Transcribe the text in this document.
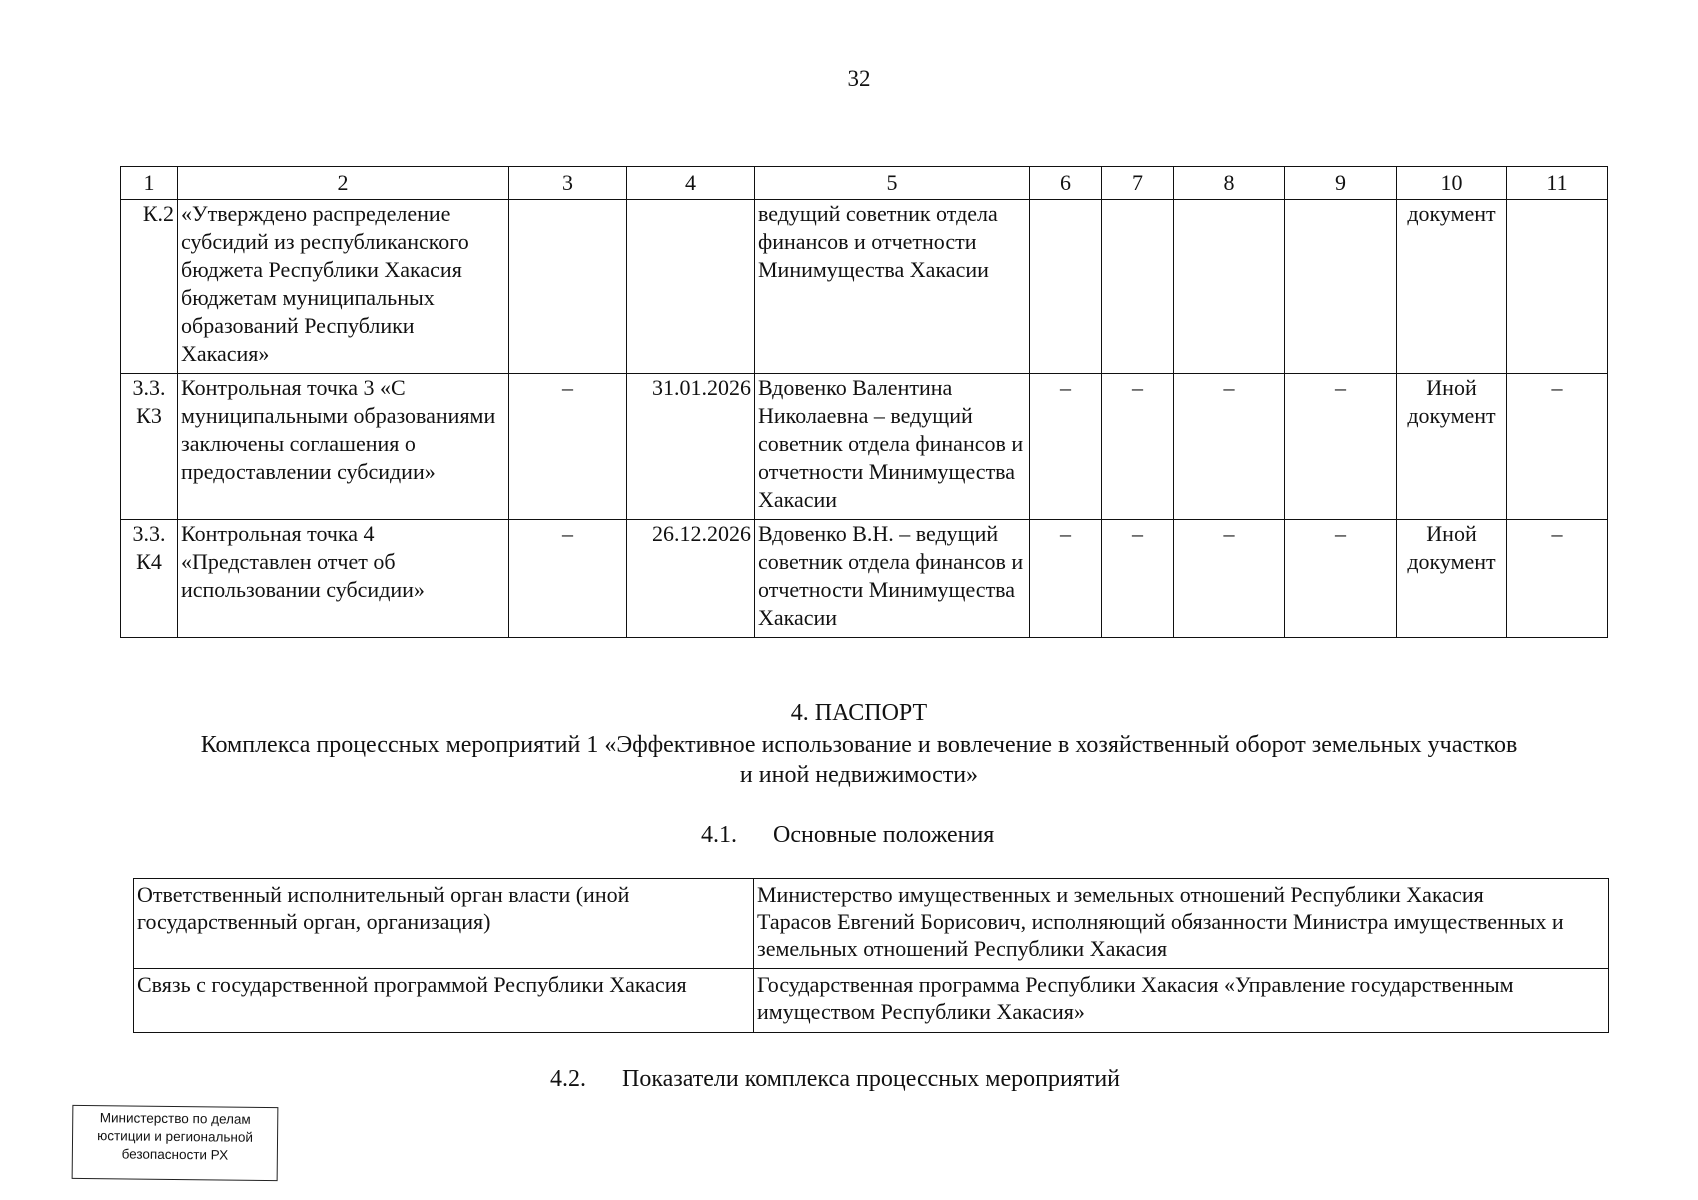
32
1	2	3	4	5	6	7	8	9	10	11
К.2	«Утверждено распределение субсидий из республиканского бюджета Республики Хакасия бюджетам муниципальных образований Республики Хакасия»			ведущий советник отдела финансов и отчетности Минимущества Хакасии					документ	
3.3. К3	Контрольная точка 3 «С муниципальными образованиями заключены соглашения о предоставлении субсидии»	–	31.01.2026	Вдовенко Валентина Николаевна – ведущий советник отдела финансов и отчетности Минимущества Хакасии	–	–	–	–	Иной документ	–
3.3. К4	Контрольная точка 4 «Представлен отчет об использовании субсидии»	–	26.12.2026	Вдовенко В.Н. – ведущий советник отдела финансов и отчетности Минимущества Хакасии	–	–	–	–	Иной документ	–
4. ПАСПОРТ
Комплекса процессных мероприятий 1 «Эффективное использование и вовлечение в хозяйственный оборот земельных участков
и иной недвижимости»
4.1. Основные положения
Ответственный исполнительный орган власти (иной государственный орган, организация)	Министерство имущественных и земельных отношений Республики Хакасия
Тарасов Евгений Борисович, исполняющий обязанности Министра имущественных и земельных отношений Республики Хакасия

Связь с государственной программой Республики Хакасия	Государственная программа Республики Хакасия «Управление государственным имуществом Республики Хакасия»
4.2. Показатели комплекса процессных мероприятий
Министерство по делам
юстиции и региональной
безопасности РХ
